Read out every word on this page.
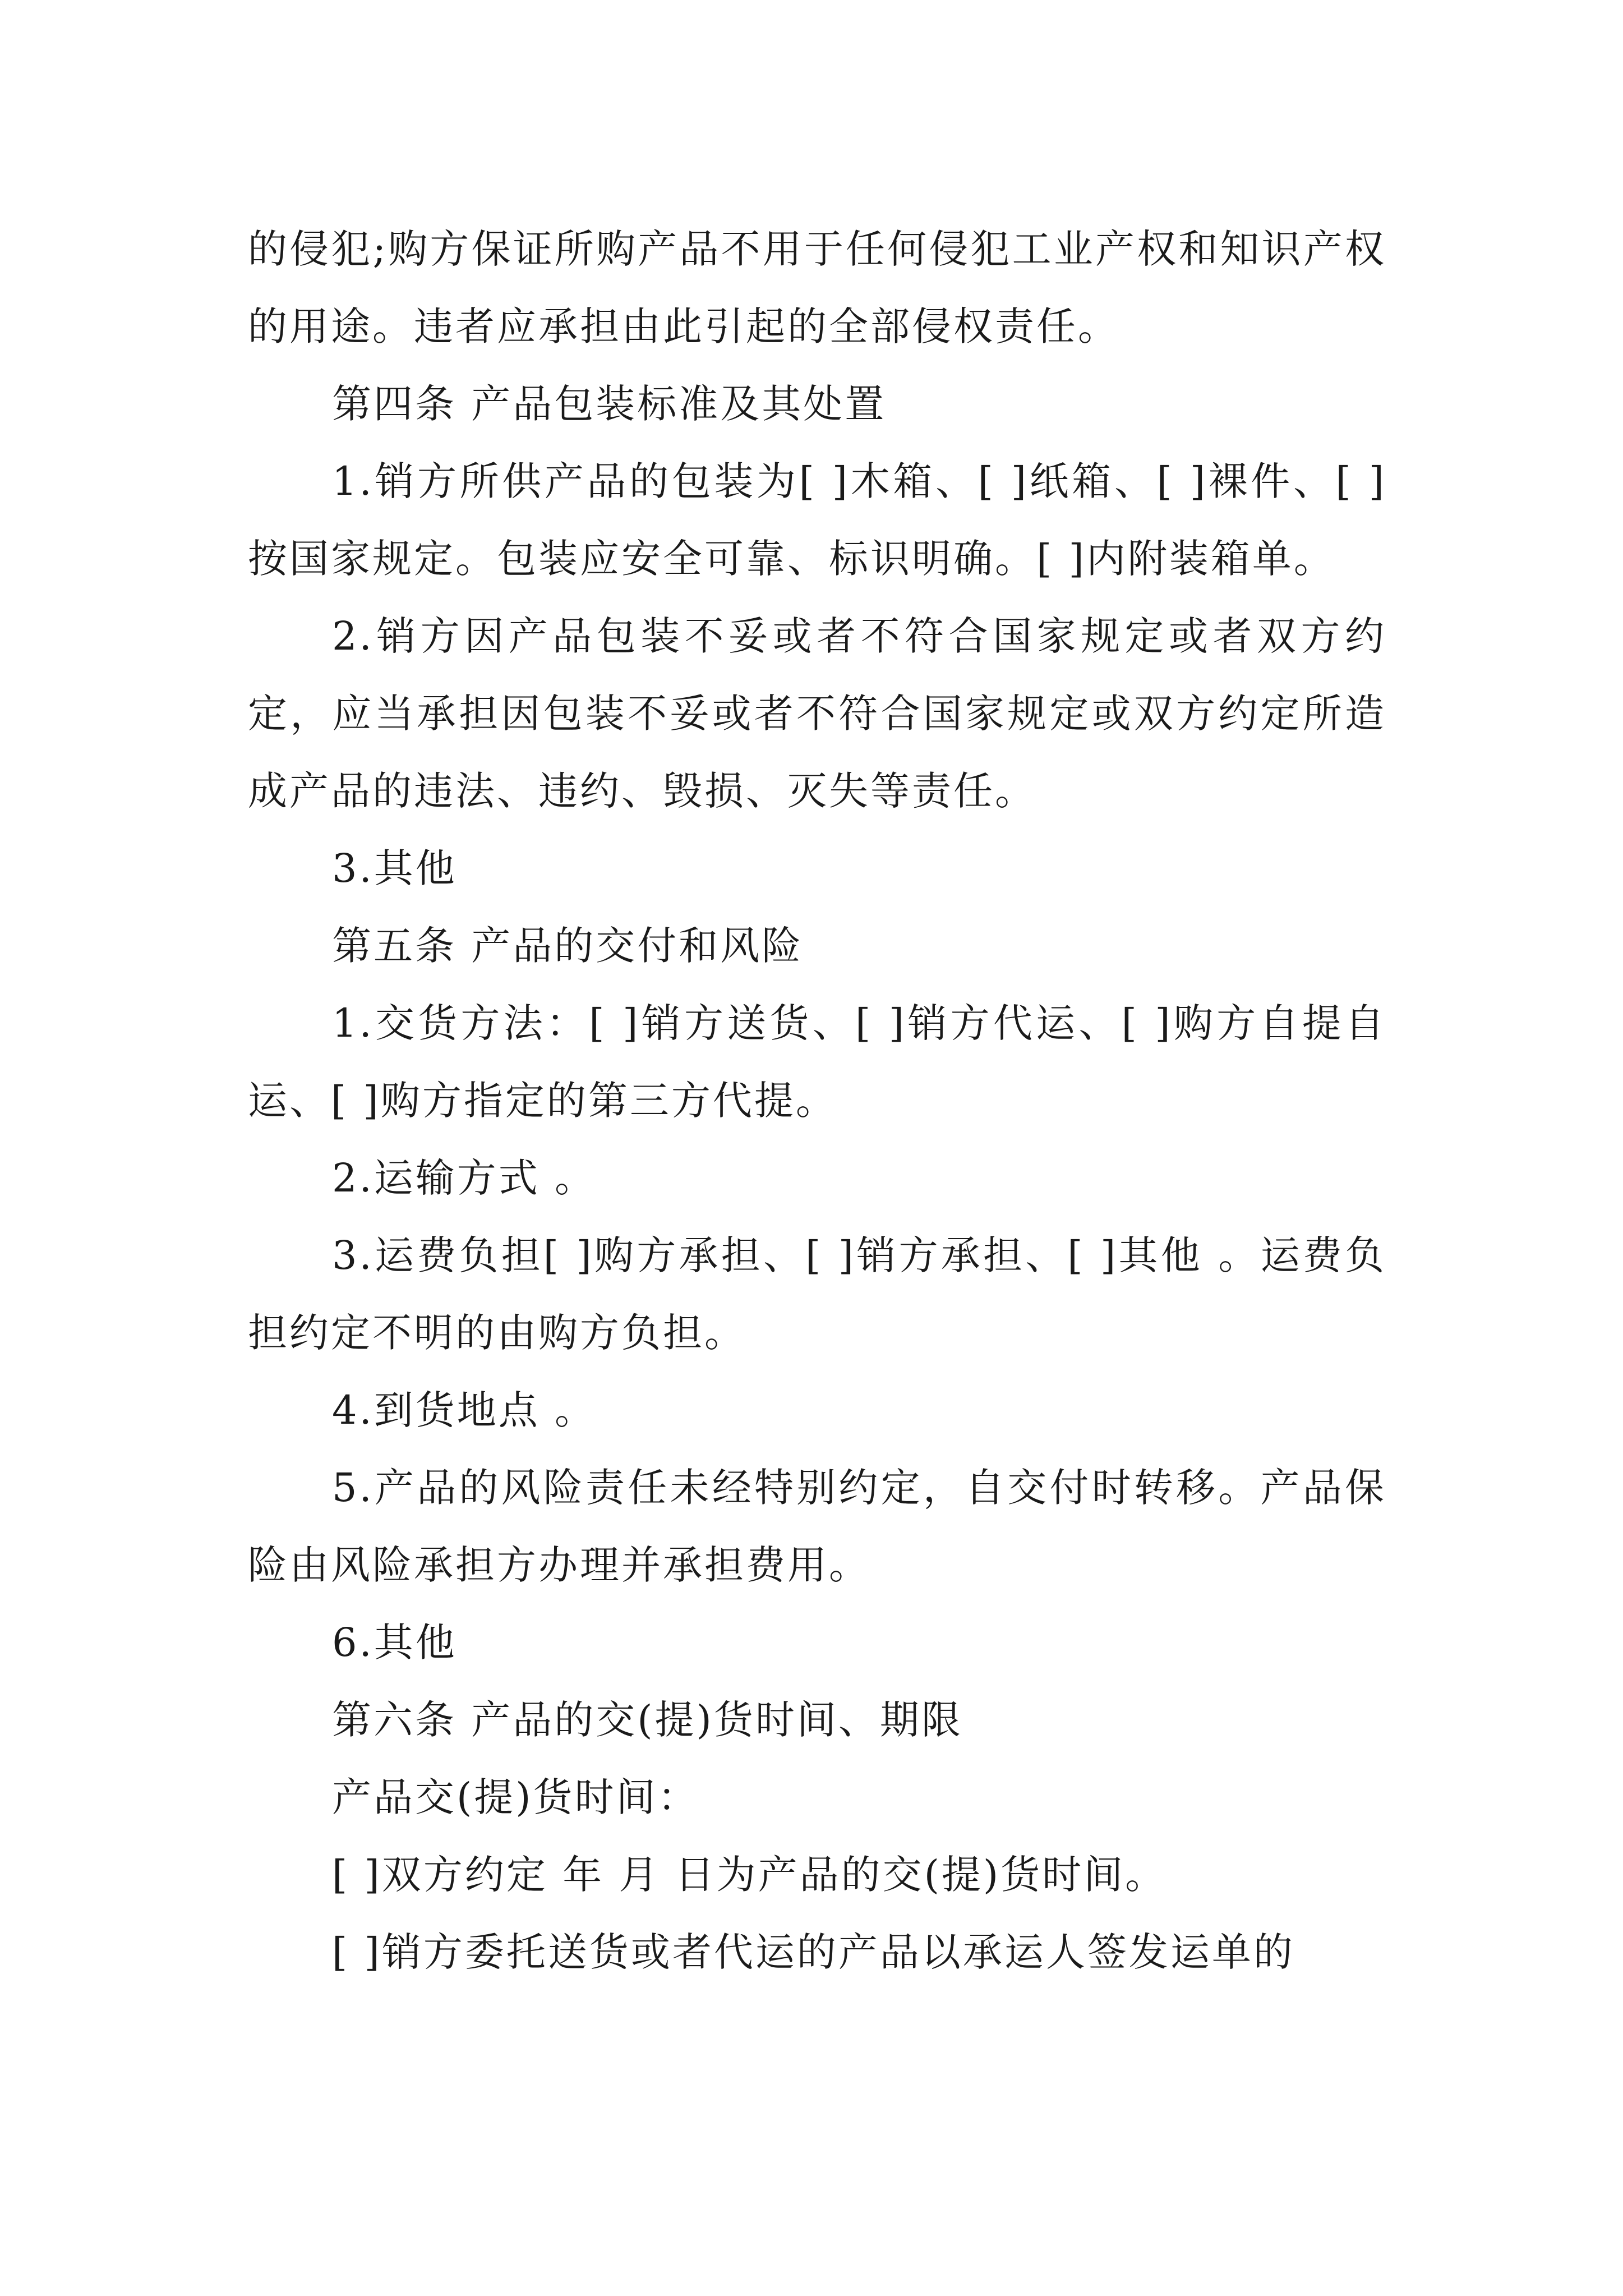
的侵犯;购方保证所购产品不用于任何侵犯工业产权和知识产权的用途。违者应承担由此引起的全部侵权责任。

第四条 产品包装标准及其处置

1.销方所供产品的包装为[ ]木箱、[ ]纸箱、[ ]裸件、[ ]按国家规定。包装应安全可靠、标识明确。[ ]内附装箱单。

2.销方因产品包装不妥或者不符合国家规定或者双方约定，应当承担因包装不妥或者不符合国家规定或双方约定所造成产品的违法、违约、毁损、灭失等责任。

3.其他

第五条 产品的交付和风险

1.交货方法：[ ]销方送货、[ ]销方代运、[ ]购方自提自运、[ ]购方指定的第三方代提。

2.运输方式 。

3.运费负担[ ]购方承担、[ ]销方承担、[ ]其他 。运费负担约定不明的由购方负担。

4.到货地点 。

5.产品的风险责任未经特别约定，自交付时转移。产品保险由风险承担方办理并承担费用。

6.其他

第六条 产品的交(提)货时间、期限

产品交(提)货时间：

[ ]双方约定 年 月 日为产品的交(提)货时间。

[ ]销方委托送货或者代运的产品以承运人签发运单的
